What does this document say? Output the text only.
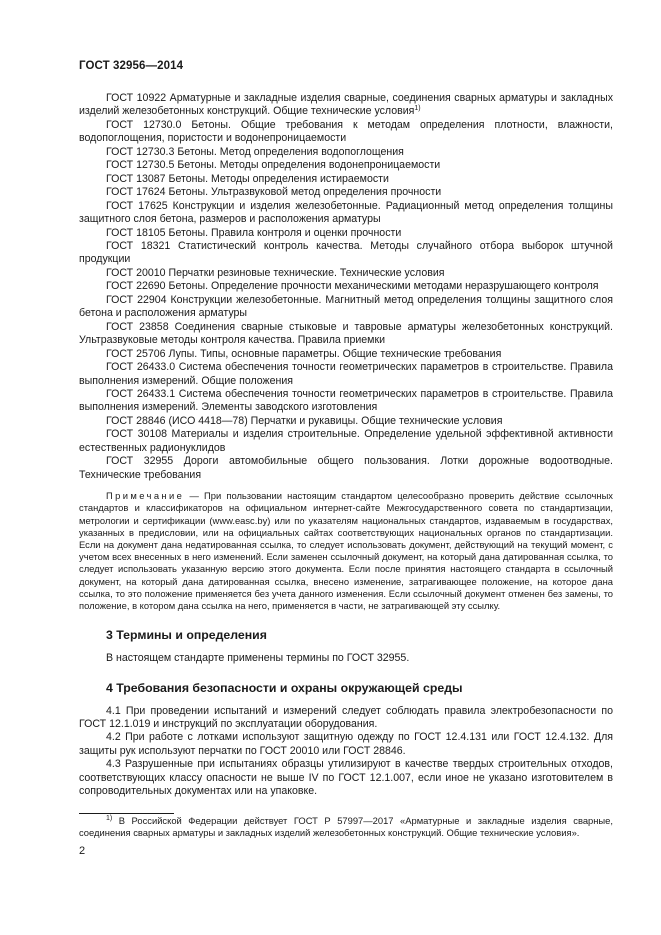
ГОСТ 32956—2014

ГОСТ 10922 Арматурные и закладные изделия сварные, соединения сварных арматуры и закладных изделий железобетонных конструкций. Общие технические условия$^{1)}$

ГОСТ 12730.0 Бетоны. Общие требования к методам определения плотности, влажности, водопоглощения, пористости и водонепроницаемости

ГОСТ 12730.3 Бетоны. Метод определения водопоглощения

ГОСТ 12730.5 Бетоны. Методы определения водонепроницаемости

ГОСТ 13087 Бетоны. Методы определения истираемости

ГОСТ 17624 Бетоны. Ультразвуковой метод определения прочности

ГОСТ 17625 Конструкции и изделия железобетонные. Радиационный метод определения толщины защитного слоя бетона, размеров и расположения арматуры

ГОСТ 18105 Бетоны. Правила контроля и оценки прочности

ГОСТ 18321 Статистический контроль качества. Методы случайного отбора выборок штучной продукции

ГОСТ 20010 Перчатки резиновые технические. Технические условия

ГОСТ 22690 Бетоны. Определение прочности механическими методами неразрушающего контроля

ГОСТ 22904 Конструкции железобетонные. Магнитный метод определения толщины защитного слоя бетона и расположения арматуры

ГОСТ 23858 Соединения сварные стыковые и тавровые арматуры железобетонных конструкций. Ультразвуковые методы контроля качества. Правила приемки

ГОСТ 25706 Лупы. Типы, основные параметры. Общие технические требования

ГОСТ 26433.0 Система обеспечения точности геометрических параметров в строительстве. Правила выполнения измерений. Общие положения

ГОСТ 26433.1 Система обеспечения точности геометрических параметров в строительстве. Правила выполнения измерений. Элементы заводского изготовления

ГОСТ 28846 (ИСО 4418—78) Перчатки и рукавицы. Общие технические условия

ГОСТ 30108 Материалы и изделия строительные. Определение удельной эффективной активности естественных радионуклидов

ГОСТ 32955 Дороги автомобильные общего пользования. Лотки дорожные водоотводные. Технические требования

Примечание — При пользовании настоящим стандартом целесообразно проверить действие ссылочных стандартов и классификаторов на официальном интернет-сайте Межгосударственного совета по стандартизации, метрологии и сертификации (www.easc.by) или по указателям национальных стандартов, издаваемым в государствах, указанных в предисловии, или на официальных сайтах соответствующих национальных органов по стандартизации. Если на документ дана недатированная ссылка, то следует использовать документ, действующий на текущий момент, с учетом всех внесенных в него изменений. Если заменен ссылочный документ, на который дана датированная ссылка, то следует использовать указанную версию этого документа. Если после принятия настоящего стандарта в ссылочный документ, на который дана датированная ссылка, внесено изменение, затрагивающее положение, на которое дана ссылка, то это положение применяется без учета данного изменения. Если ссылочный документ отменен без замены, то положение, в котором дана ссылка на него, применяется в части, не затрагивающей эту ссылку.
3 Термины и определения

В настоящем стандарте применены термины по ГОСТ 32955.

4 Требования безопасности и охраны окружающей среды

4.1 При проведении испытаний и измерений следует соблюдать правила электробезопасности по ГОСТ 12.1.019 и инструкций по эксплуатации оборудования.

4.2 При работе с лотками используют защитную одежду по ГОСТ 12.4.131 или ГОСТ 12.4.132. Для защиты рук используют перчатки по ГОСТ 20010 или ГОСТ 28846.

4.3 Разрушенные при испытаниях образцы утилизируют в качестве твердых строительных отходов, соответствующих классу опасности не выше IV по ГОСТ 12.1.007, если иное не указано изготовителем в сопроводительных документах или на упаковке.

$^{1)}$ В Российской Федерации действует ГОСТ Р 57997—2017 «Арматурные и закладные изделия сварные, соединения сварных арматуры и закладных изделий железобетонных конструкций. Общие технические условия».
2
